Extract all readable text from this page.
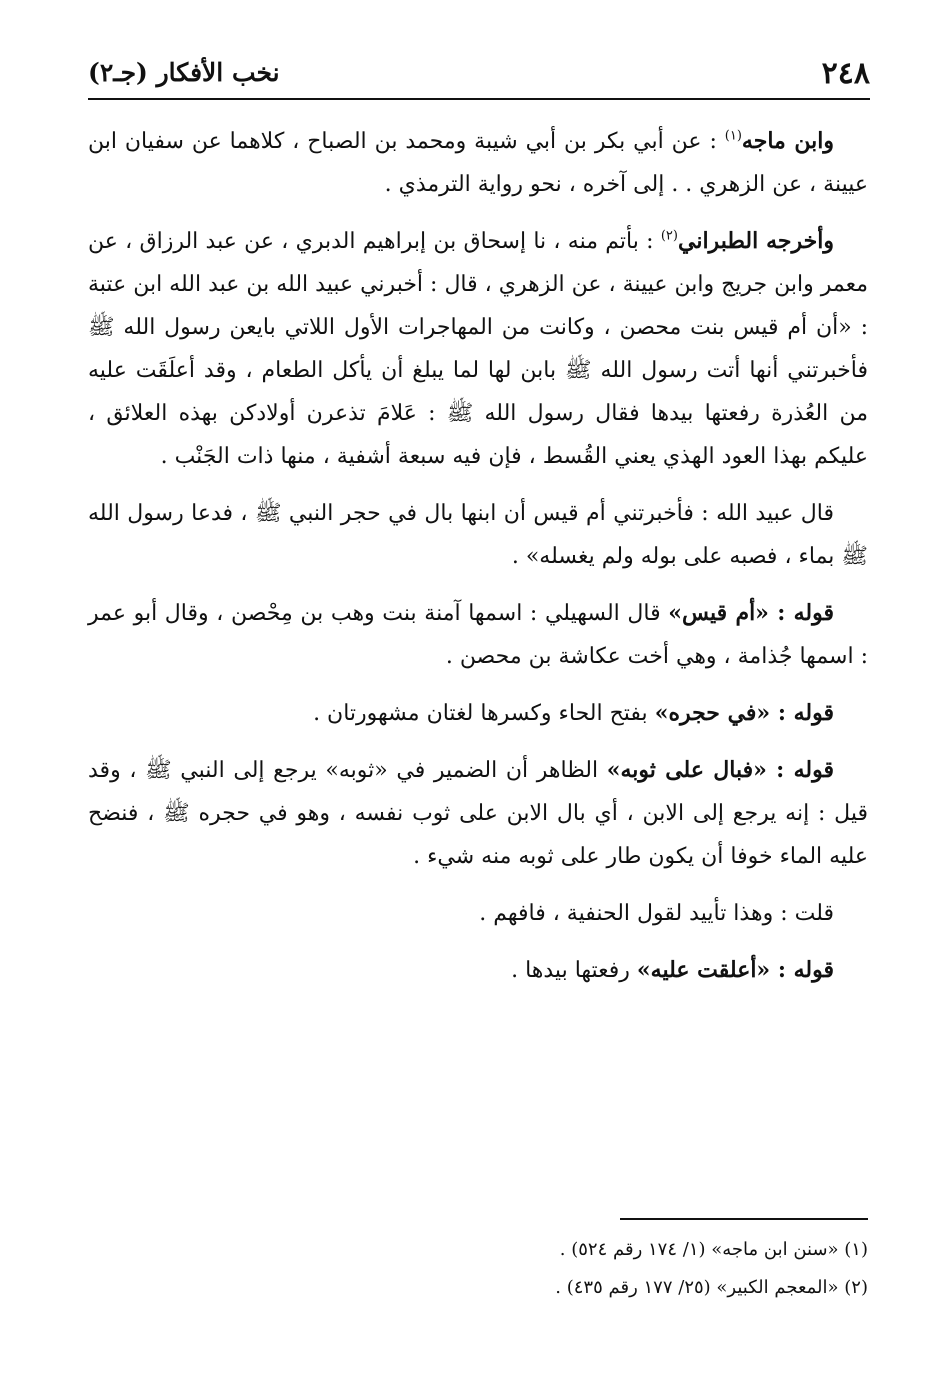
٢٤٨
نخب الأفكار (جـ٢)

وابن ماجه$^{(١)}$ : عن أبي بكر بن أبي شيبة ومحمد بن الصباح ، كلاهما عن سفيان ابن عيينة ، عن الزهري . . إلى آخره ، نحو رواية الترمذي .

وأخرجه الطبراني$^{(٢)}$ : بأتم منه ، نا إسحاق بن إبراهيم الدبري ، عن عبد الرزاق ، عن معمر وابن جريج وابن عيينة ، عن الزهري ، قال : أخبرني عبيد الله بن عبد الله ابن عتبة : «أن أم قيس بنت محصن ، وكانت من المهاجرات الأول اللاتي بايعن رسول الله ﷺ فأخبرتني أنها أتت رسول الله ﷺ بابن لها لما يبلغ أن يأكل الطعام ، وقد أعلَقَت عليه من العُذرة رفعتها بيدها فقال رسول الله ﷺ : عَلامَ تذعرن أولادكن بهذه العلائق ، عليكم بهذا العود الهذي يعني القُسط ، فإن فيه سبعة أشفية ، منها ذات الجَنْب .

قال عبيد الله : فأخبرتني أم قيس أن ابنها بال في حجر النبي ﷺ ، فدعا رسول الله ﷺ بماء ، فصبه على بوله ولم يغسله» .

قوله : «أم قيس» قال السهيلي : اسمها آمنة بنت وهب بن مِحْصن ، وقال أبو عمر : اسمها جُذامة ، وهي أخت عكاشة بن محصن .

قوله : «في حجره» بفتح الحاء وكسرها لغتان مشهورتان .

قوله : «فبال على ثوبه» الظاهر أن الضمير في «ثوبه» يرجع إلى النبي ﷺ ، وقد قيل : إنه يرجع إلى الابن ، أي بال الابن على ثوب نفسه ، وهو في حجره ﷺ ، فنضح عليه الماء خوفا أن يكون طار على ثوبه منه شيء .

قلت : وهذا تأييد لقول الحنفية ، فافهم .

قوله : «أعلقت عليه» رفعتها بيدها .

(١) «سنن ابن ماجه» (١/ ١٧٤ رقم ٥٢٤) .
(٢) «المعجم الكبير» (٢٥/ ١٧٧ رقم ٤٣٥) .
